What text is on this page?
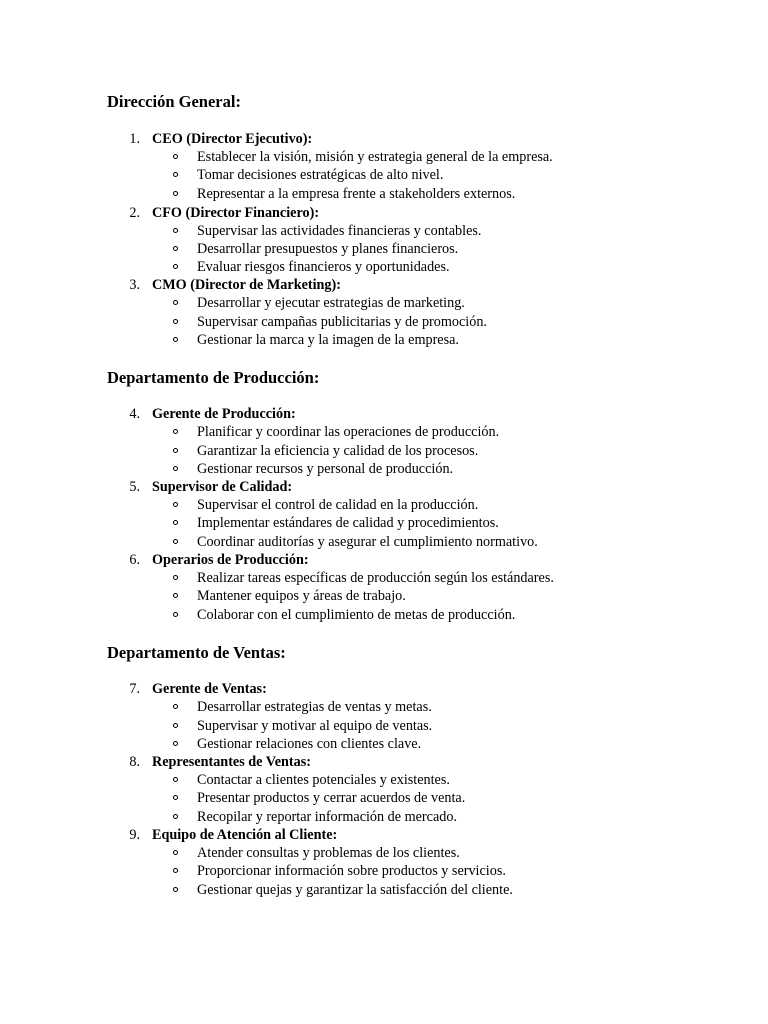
Dirección General:
1. CEO (Director Ejecutivo):
Establecer la visión, misión y estrategia general de la empresa.
Tomar decisiones estratégicas de alto nivel.
Representar a la empresa frente a stakeholders externos.
2. CFO (Director Financiero):
Supervisar las actividades financieras y contables.
Desarrollar presupuestos y planes financieros.
Evaluar riesgos financieros y oportunidades.
3. CMO (Director de Marketing):
Desarrollar y ejecutar estrategias de marketing.
Supervisar campañas publicitarias y de promoción.
Gestionar la marca y la imagen de la empresa.
Departamento de Producción:
4. Gerente de Producción:
Planificar y coordinar las operaciones de producción.
Garantizar la eficiencia y calidad de los procesos.
Gestionar recursos y personal de producción.
5. Supervisor de Calidad:
Supervisar el control de calidad en la producción.
Implementar estándares de calidad y procedimientos.
Coordinar auditorías y asegurar el cumplimiento normativo.
6. Operarios de Producción:
Realizar tareas específicas de producción según los estándares.
Mantener equipos y áreas de trabajo.
Colaborar con el cumplimiento de metas de producción.
Departamento de Ventas:
7. Gerente de Ventas:
Desarrollar estrategias de ventas y metas.
Supervisar y motivar al equipo de ventas.
Gestionar relaciones con clientes clave.
8. Representantes de Ventas:
Contactar a clientes potenciales y existentes.
Presentar productos y cerrar acuerdos de venta.
Recopilar y reportar información de mercado.
9. Equipo de Atención al Cliente:
Atender consultas y problemas de los clientes.
Proporcionar información sobre productos y servicios.
Gestionar quejas y garantizar la satisfacción del cliente.
